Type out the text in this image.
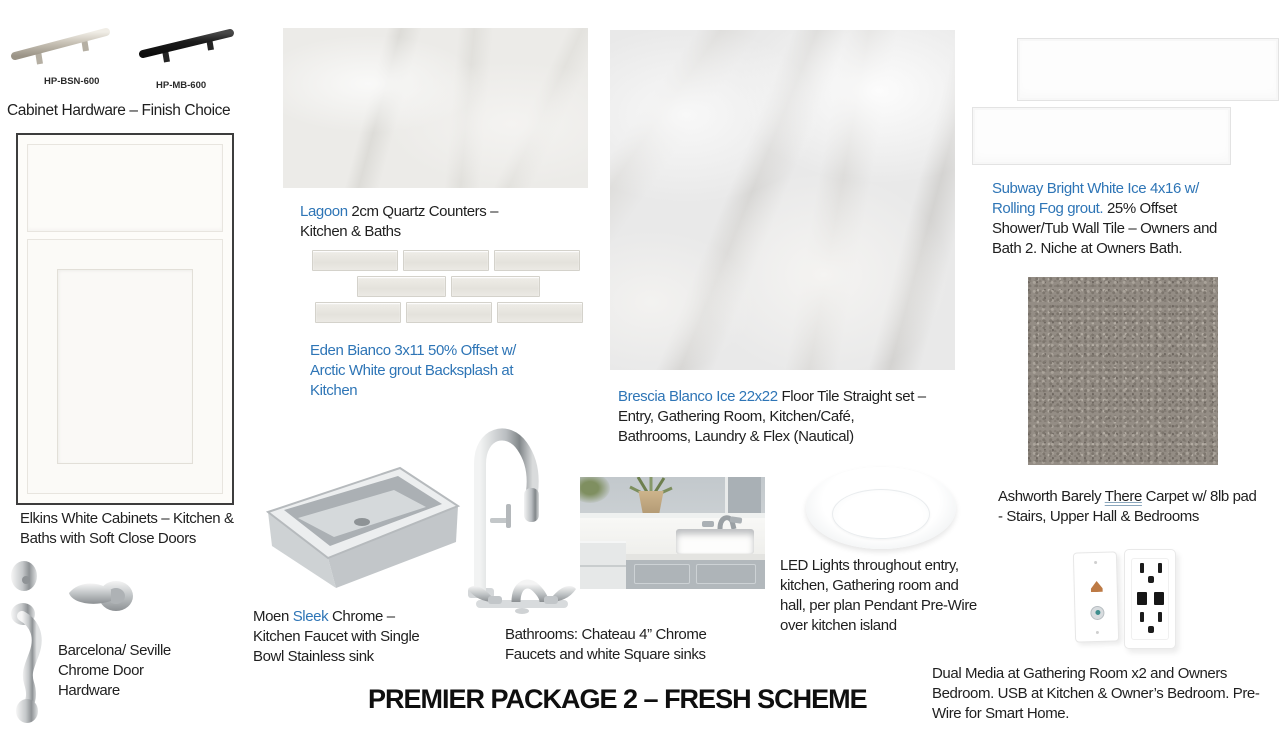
HP-BSN-600	HP-MB-600
Cabinet Hardware – Finish Choice
Elkins White Cabinets – Kitchen & Baths with Soft Close Doors
Barcelona/ Seville Chrome Door Hardware
Lagoon 2cm Quartz Counters – Kitchen & Baths
Eden Bianco 3x11 50% Offset w/ Arctic White grout Backsplash at Kitchen
Moen Sleek Chrome – Kitchen Faucet with Single Bowl Stainless sink
Bathrooms: Chateau 4” Chrome Faucets and white Square sinks
Brescia Blanco Ice 22x22 Floor Tile Straight set –
Entry, Gathering Room, Kitchen/Café,
Bathrooms, Laundry & Flex (Nautical)
LED Lights throughout entry, kitchen, Gathering room and hall, per plan Pendant Pre-Wire over kitchen island
Subway Bright White Ice 4x16 w/ Rolling Fog grout. 25% Offset Shower/Tub Wall Tile – Owners and Bath 2. Niche at Owners Bath.
Ashworth Barely There Carpet w/ 8lb pad - Stairs, Upper Hall & Bedrooms
Dual Media at Gathering Room x2 and Owners Bedroom. USB at Kitchen & Owner’s Bedroom. Pre-Wire for Smart Home.
PREMIER PACKAGE 2 – FRESH SCHEME
